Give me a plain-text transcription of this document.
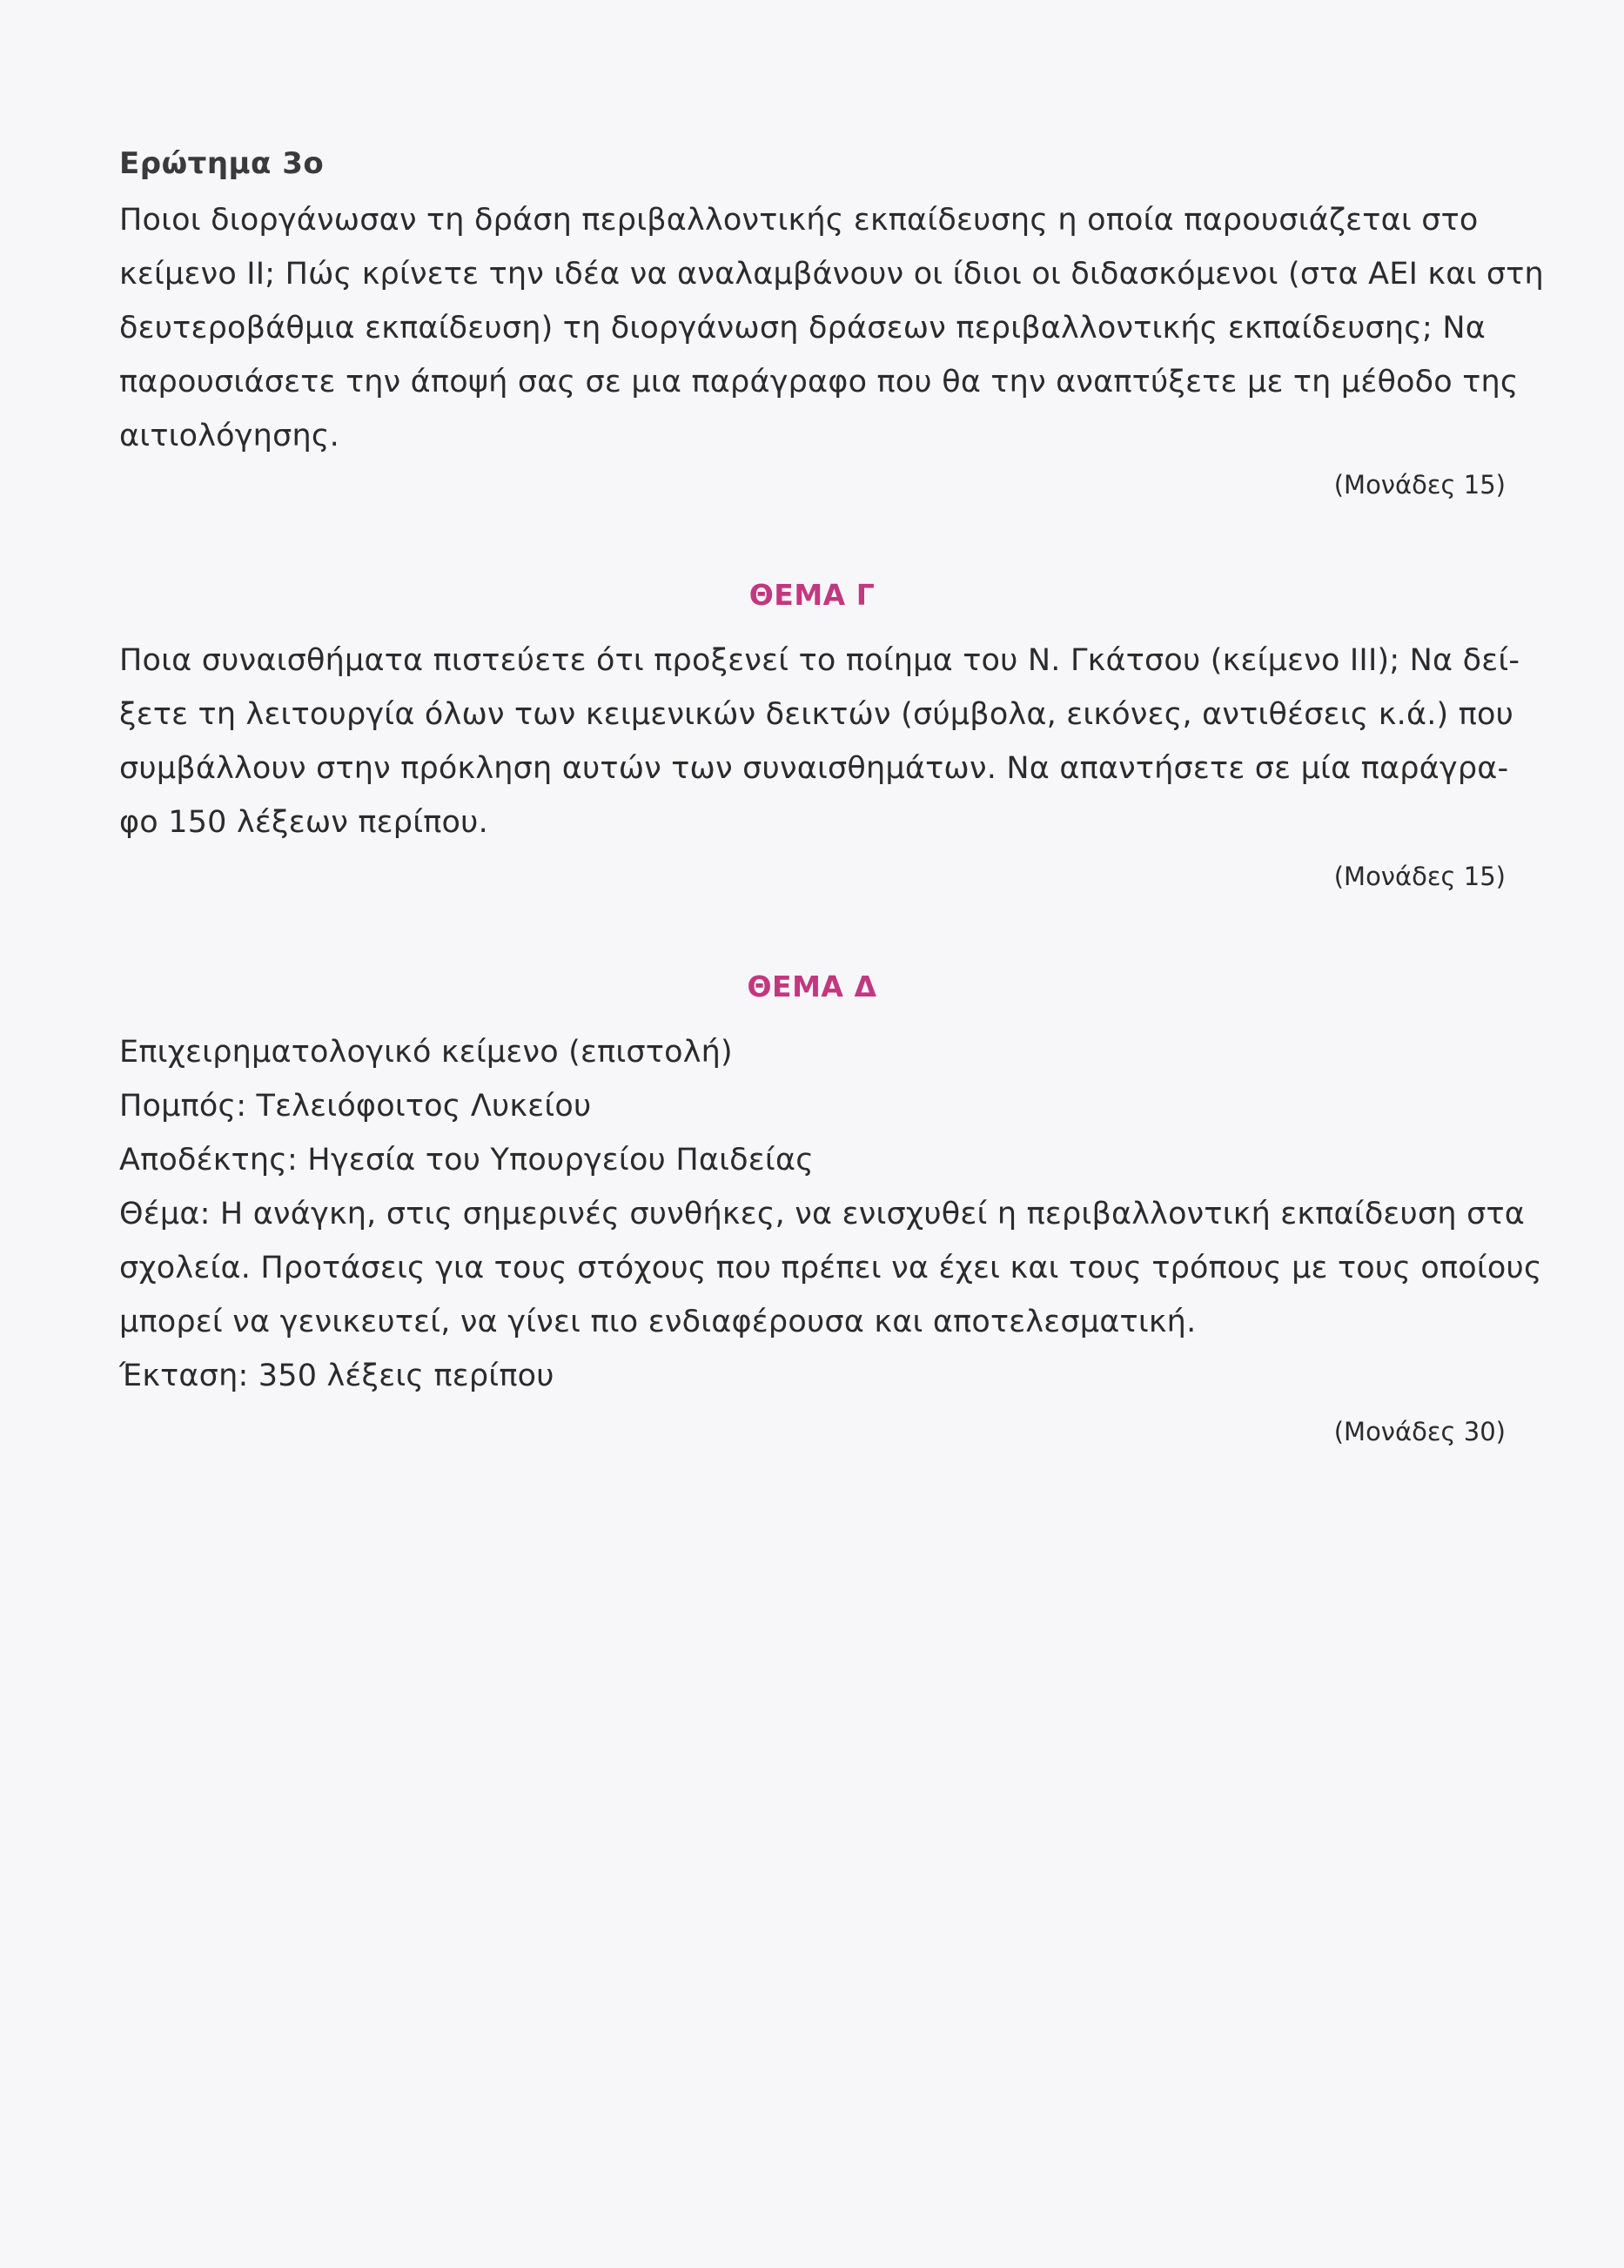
Ερώτημα 3ο

Ποιοι διοργάνωσαν τη δράση περιβαλλοντικής εκπαίδευσης η οποία παρουσιάζεται στο
κείμενο ΙΙ; Πώς κρίνετε την ιδέα να αναλαμβάνουν οι ίδιοι οι διδασκόμενοι (στα ΑΕΙ και στη
δευτεροβάθμια εκπαίδευση) τη διοργάνωση δράσεων περιβαλλοντικής εκπαίδευσης; Να
παρουσιάσετε την άποψή σας σε μια παράγραφο που θα την αναπτύξετε με τη μέθοδο της
αιτιολόγησης.

(Μονάδες 15)
ΘΕΜΑ Γ

Ποια συναισθήματα πιστεύετε ότι προξενεί το ποίημα του Ν. Γκάτσου (κείμενο ΙΙΙ); Να δεί-
ξετε τη λειτουργία όλων των κειμενικών δεικτών (σύμβολα, εικόνες, αντιθέσεις κ.ά.) που
συμβάλλουν στην πρόκληση αυτών των συναισθημάτων. Να απαντήσετε σε μία παράγρα-
φο 150 λέξεων περίπου.

(Μονάδες 15)
ΘΕΜΑ Δ

Επιχειρηματολογικό κείμενο (επιστολή)
Πομπός: Τελειόφοιτος Λυκείου
Αποδέκτης: Ηγεσία του Υπουργείου Παιδείας
Θέμα: Η ανάγκη, στις σημερινές συνθήκες, να ενισχυθεί η περιβαλλοντική εκπαίδευση στα
σχολεία. Προτάσεις για τους στόχους που πρέπει να έχει και τους τρόπους με τους οποίους
μπορεί να γενικευτεί, να γίνει πιο ενδιαφέρουσα και αποτελεσματική.
Έκταση: 350 λέξεις περίπου

(Μονάδες 30)
